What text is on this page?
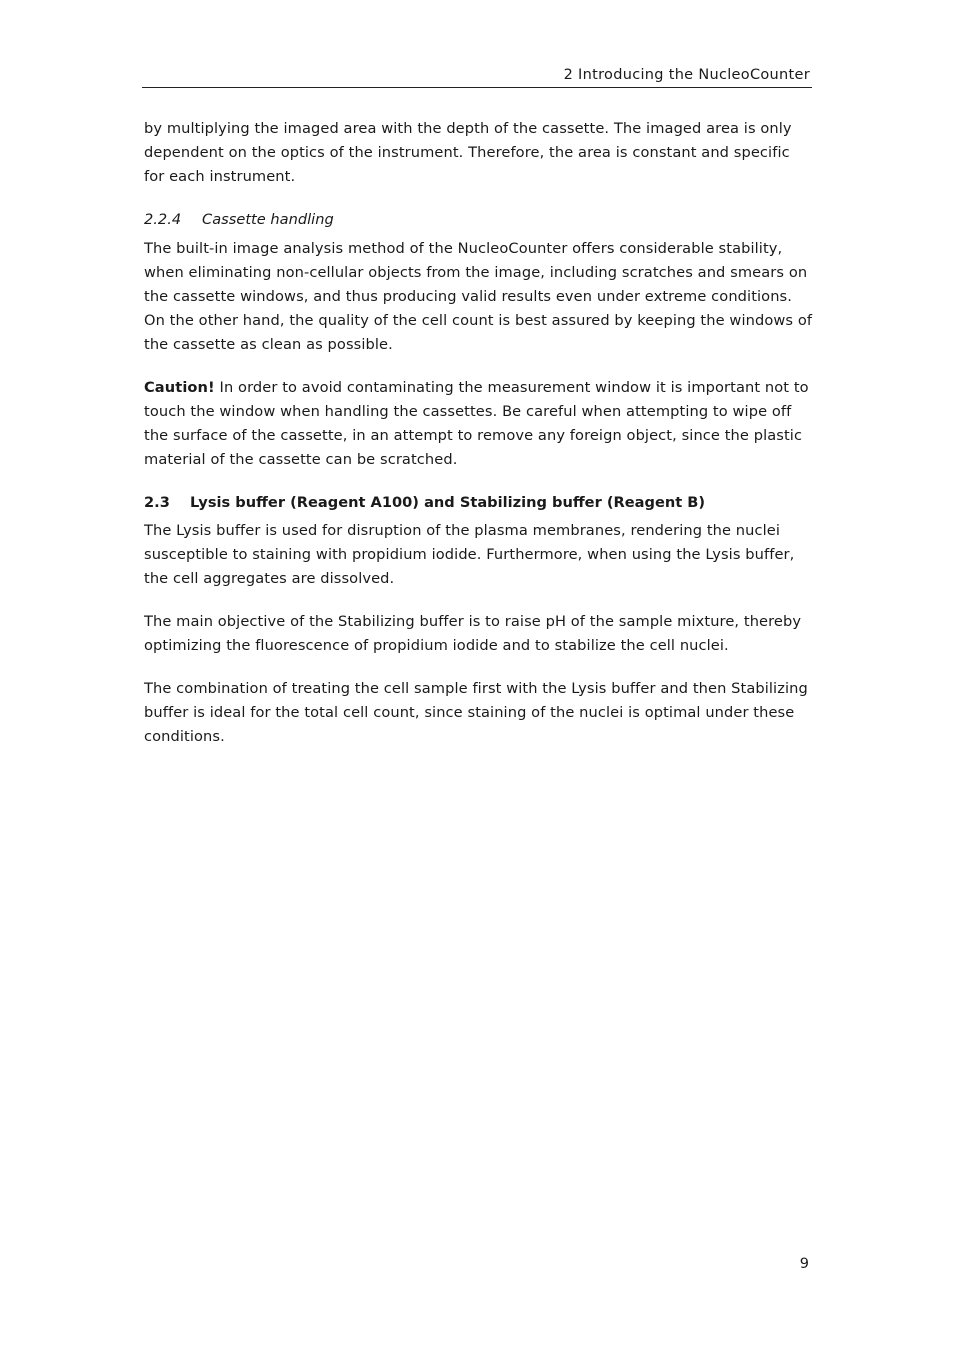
2 Introducing the NucleoCounter

by multiplying the imaged area with the depth of the cassette. The imaged area is only dependent on the optics of the instrument. Therefore, the area is constant and specific for each instrument.

2.2.4 Cassette handling

The built-in image analysis method of the NucleoCounter offers considerable stability, when eliminating non-cellular objects from the image, including scratches and smears on the cassette windows, and thus producing valid results even under extreme conditions. On the other hand, the quality of the cell count is best assured by keeping the windows of the cassette as clean as possible.

Caution! In order to avoid contaminating the measurement window it is important not to touch the window when handling the cassettes. Be careful when attempting to wipe off the surface of the cassette, in an attempt to remove any foreign object, since the plastic material of the cassette can be scratched.

2.3 Lysis buffer (Reagent A100) and Stabilizing buffer (Reagent B)

The Lysis buffer is used for disruption of the plasma membranes, rendering the nuclei susceptible to staining with propidium iodide. Furthermore, when using the Lysis buffer, the cell aggregates are dissolved.

The main objective of the Stabilizing buffer is to raise pH of the sample mixture, thereby optimizing the fluorescence of propidium iodide and to stabilize the cell nuclei.

The combination of treating the cell sample first with the Lysis buffer and then Stabilizing buffer is ideal for the total cell count, since staining of the nuclei is optimal under these conditions.

9
